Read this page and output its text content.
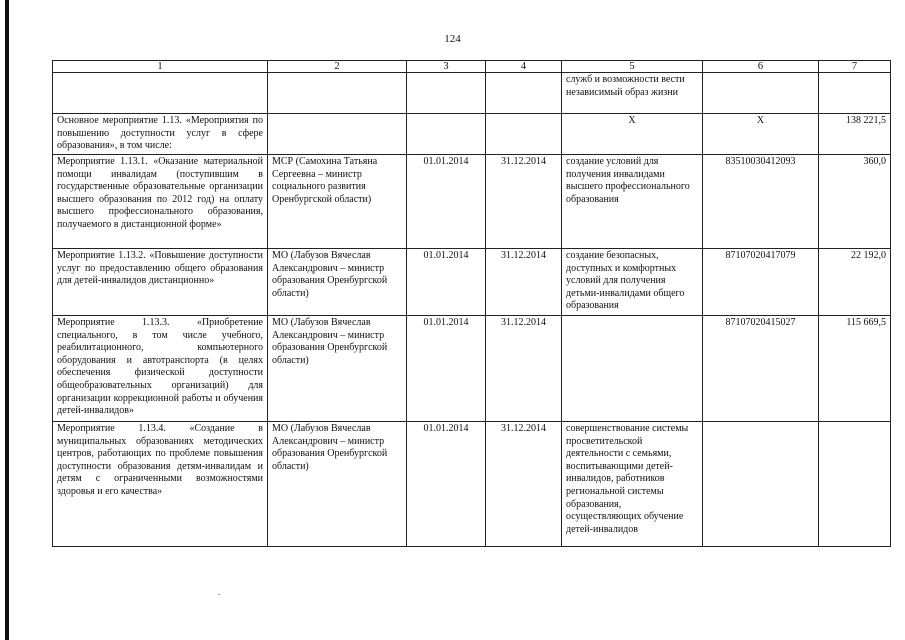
124
1	2	3	4	5	6	7
				служб и возможности вести независимый образ жизни		
Основное мероприятие 1.13. «Мероприятия по повышению доступности услуг в сфере образования», в том числе:				Х	Х	138 221,5
Мероприятие 1.13.1. «Оказание материальной помощи инвалидам (поступившим в государственные образовательные организации высшего образования по 2012 год) на оплату высшего профессионального образования, получаемого в дистанционной форме»	МСР (Самохина Татьяна Сергеевна – министр социального развития Оренбургской области)	01.01.2014	31.12.2014	создание условий для получения инвалидами высшего профессионального образования	83510030412093	360,0
Мероприятие 1.13.2. «Повышение доступности услуг по предоставлению общего образования для детей-инвалидов дистанционно»	МО (Лабузов Вячеслав Александрович – министр образования Оренбургской области)	01.01.2014	31.12.2014	создание безопасных, доступных и комфортных условий для получения детьми-инвалидами общего образования	87107020417079	22 192,0
Мероприятие 1.13.3. «Приобретение специального, в том числе учебного, реабилитационного, компьютерного оборудования и автотранспорта (в целях обеспечения физической доступности общеобразовательных организаций) для организации коррекционной работы и обучения детей-инвалидов»	МО (Лабузов Вячеслав Александрович – министр образования Оренбургской области)	01.01.2014	31.12.2014		87107020415027	115 669,5
Мероприятие 1.13.4. «Создание в муниципальных образованиях методических центров, работающих по проблеме повышения доступности образования детям-инвалидам и детям с ограниченными возможностями здоровья и его качества»	МО (Лабузов Вячеслав Александрович – министр образования Оренбургской области)	01.01.2014	31.12.2014	совершенствование системы просветительской деятельности с семьями, воспитывающими детей-инвалидов, работников региональной системы образования, осуществляющих обучение детей-инвалидов		
